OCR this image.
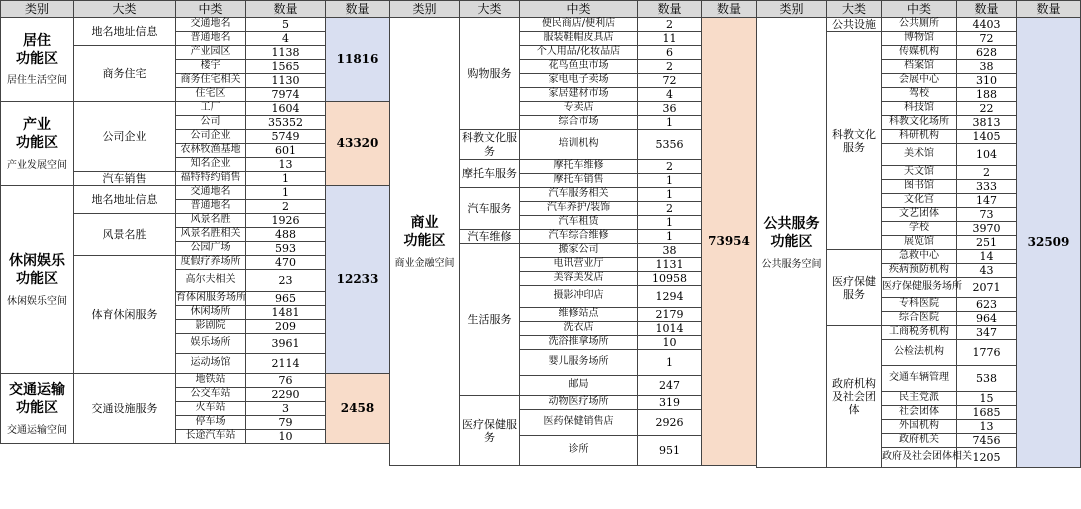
类别	大类	中类	数量	数量

居住
功能区
居住生活空间	地名地址信息	交通地名	5	11816
		普通地名	4	
	商务住宅	产业园区	1138	
		楼宇	1565	
		商务住宅相关	1130	
		住宅区	7974	

产业
功能区
产业发展空间	公司企业	工厂	1604	43320
		公司	35352	
		公司企业	5749	
		农林牧渔基地	601	
		知名企业	13	
	汽车销售	福特特约销售	1	

休闲娱乐
功能区
休闲娱乐空间	地名地址信息	交通地名	1	12233
		普通地名	2	
	风景名胜	风景名胜	1926	
		风景名胜相关	488	
		公园广场	593	
	体育休闲服务	度假疗养场所	470	
		高尔夫相关	23	
		育体闲服务场所	965	
		休闲场所	1481	
		影剧院	209	
		娱乐场所	3961	
		运动场馆	2114	

交通运输
功能区
交通运输空间	交通设施服务	地铁站	76	2458
		公交车站	2290	
		火车站	3	
		停车场	79	
		长途汽车站	10	
类别	大类	中类	数量	数量

商业
功能区
商业金融空间	购物服务	便民商店/便利店	2	73954
		服装鞋帽皮具店	11	
		个人用品/化妆品店	6	
		花鸟鱼虫市场	2	
		家电电子卖场	72	
		家居建材市场	4	
		专卖店	36	
		综合市场	1	
	科教文化服务	培训机构	5356	
	摩托车服务	摩托车维修	2	
		摩托车销售	1	
	汽车服务	汽车服务相关	1	
		汽车养护/装饰	2	
		汽车租赁	1	
	汽车维修	汽车综合维修	1	
	生活服务	搬家公司	38	
		电讯营业厅	1131	
		美容美发店	10958	
		摄影冲印店	1294	
		维修站点	2179	
		洗衣店	1014	
		洗浴推拿场所	10	
		婴儿服务场所	1	
		邮局	247	
	医疗保健服务	动物医疗场所	319	
		医药保健销售店	2926	
		诊所	951	
类别	大类	中类	数量	数量

公共服务
功能区
公共服务空间	公共设施	公共厕所	4403	32509
	科教文化服务	博物馆	72	
		传媒机构	628	
		档案馆	38	
		会展中心	310	
		驾校	188	
		科技馆	22	
		科教文化场所	3813	
		科研机构	1405	
		美术馆	104	
		天文馆	2	
		图书馆	333	
		文化宫	147	
		文艺团体	73	
		学校	3970	
		展览馆	251	
	医疗保健服务	急救中心	14	
		疾病预防机构	43	
		医疗保健服务场所	2071	
		专科医院	623	
		综合医院	964	
	政府机构及社会团体	工商税务机构	347	
		公检法机构	1776	
		交通车辆管理	538	
		民主党派	15	
		社会团体	1685	
		外国机构	13	
		政府机关	7456	
		政府及社会团体相关	1205	
